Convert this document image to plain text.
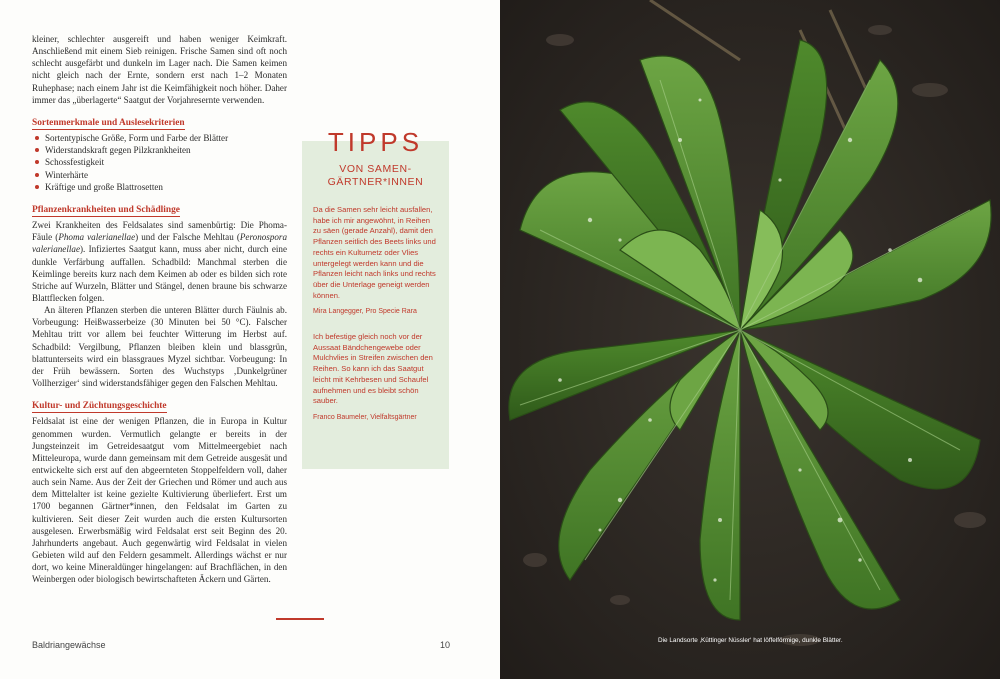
kleiner, schlechter ausgereift und haben weniger Keimkraft. Anschließend mit einem Sieb reinigen. Frische Samen sind oft noch schlecht ausgefärbt und dunkeln im Lager nach. Die Samen keimen nicht gleich nach der Ernte, sondern erst nach 1–2 Monaten Ruhephase; nach einem Jahr ist die Keimfähigkeit noch höher. Daher immer das „überlagerte“ Saatgut der Vorjahresernte verwenden.

Sortenmerkmale und Auslesekriterien
Sortentypische Größe, Form und Farbe der Blätter
Widerstandskraft gegen Pilzkrankheiten
Schossfestigkeit
Winterhärte
Kräftige und große Blattrosetten
Pflanzenkrankheiten und Schädlinge

Zwei Krankheiten des Feldsalates sind samenbürtig: Die Phoma-Fäule (Phoma valerianellae) und der Falsche Mehltau (Peronospora valerianellae). Infiziertes Saatgut kann, muss aber nicht, durch eine dunkle Verfärbung auffallen. Schadbild: Manchmal sterben die Keimlinge bereits kurz nach dem Keimen ab oder es bilden sich rote Striche auf Wurzeln, Blätter und Stängel, denen braune bis schwarze Blattflecken folgen.

An älteren Pflanzen sterben die unteren Blätter durch Fäulnis ab. Vorbeugung: Heißwasserbeize (30 Minuten bei 50 °C). Falscher Mehltau tritt vor allem bei feuchter Witterung im Herbst auf. Schadbild: Vergilbung, Pflanzen bleiben klein und blassgrün, blattunterseits wird ein blassgraues Myzel sichtbar. Vorbeugung: In der Früh bewässern. Sorten des Wuchstyps ‚Dunkelgrüner Vollherziger‘ sind widerstandsfähiger gegen den Falschen Mehltau.

Kultur- und Züchtungsgeschichte

Feldsalat ist eine der wenigen Pflanzen, die in Europa in Kultur genommen wurden. Vermutlich gelangte er bereits in der Jungsteinzeit im Getreidesaatgut vom Mittelmeergebiet nach Mitteleuropa, wurde dann gemeinsam mit dem Getreide ausgesät und entwickelte sich erst auf den abgeernteten Stoppelfeldern voll, daher auch sein Name. Aus der Zeit der Griechen und Römer und auch aus dem Mittelalter ist keine gezielte Kultivierung überliefert. Erst um 1700 begannen Gärtner*innen, den Feldsalat im Garten zu kultivieren. Seit dieser Zeit wurden auch die ersten Kultursorten ausgelesen. Erwerbsmäßig wird Feldsalat erst seit Beginn des 20. Jahrhunderts angebaut. Auch gegenwärtig wird Feldsalat in vielen Gebieten wild auf den Feldern gesammelt. Allerdings wächst er nur dort, wo keine Mineraldünger hingelangen: auf Brachflächen, in den Weinbergen oder biologisch bewirtschafteten Äckern und Gärten.

TIPPS
VON SAMEN-
GÄRTNER*INNEN

Da die Samen sehr leicht ausfallen, habe ich mir angewöhnt, in Reihen zu säen (gerade Anzahl), damit den Pflanzen seitlich des Beets links und rechts ein Kulturnetz oder Vlies untergelegt werden kann und die Pflanzen leicht nach links und rechts über die Unterlage geneigt werden können.

Mira Langegger, Pro Specie Rara

Ich befestige gleich noch vor der Aussaat Bändchengewebe oder Mulchvlies in Streifen zwischen den Reihen. So kann ich das Saatgut leicht mit Kehrbesen und Schaufel aufnehmen und es bleibt schön sauber.

Franco Baumeler, Vielfaltsgärtner

Baldriangewächse	10	Die Landsorte ‚Küttinger Nüssler‘ hat löffelförmige, dunkle Blätter.
